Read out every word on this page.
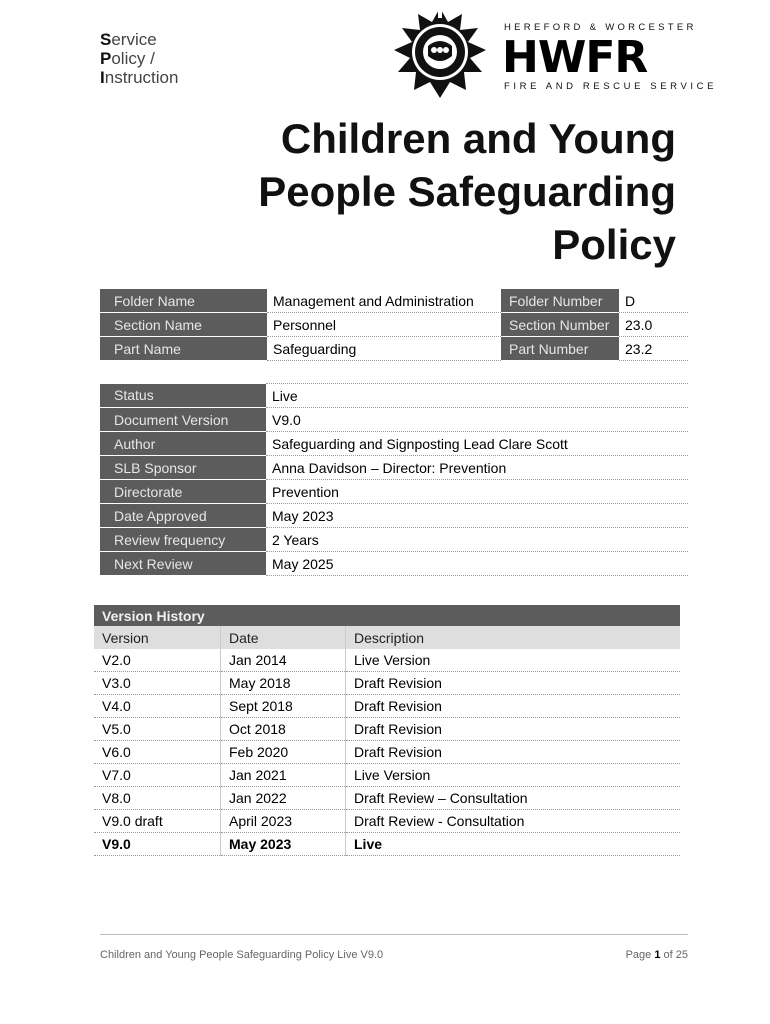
Service
Policy /
Instruction
HEREFORD & WORCESTER
HWFR
FIRE AND RESCUE SERVICE
Children and Young
People Safeguarding
Policy
Folder Name	Management and Administration	Folder Number	D
Section Name	Personnel	Section Number	23.0
Part Name	Safeguarding	Part Number	23.2
Status	Live
Document Version	V9.0
Author	Safeguarding and Signposting Lead Clare Scott
SLB Sponsor	Anna Davidson – Director: Prevention
Directorate	Prevention
Date Approved	May 2023
Review frequency	2 Years
Next Review	May 2025
Version History		
Version	Date	Description
V2.0	Jan 2014	Live Version
V3.0	May 2018	Draft Revision
V4.0	Sept 2018	Draft Revision
V5.0	Oct 2018	Draft Revision
V6.0	Feb 2020	Draft Revision
V7.0	Jan 2021	Live Version
V8.0	Jan 2022	Draft Review – Consultation
V9.0 draft	April 2023	Draft Review - Consultation
V9.0	May 2023	Live
Children and Young People Safeguarding Policy Live V9.0	Page 1 of 25
